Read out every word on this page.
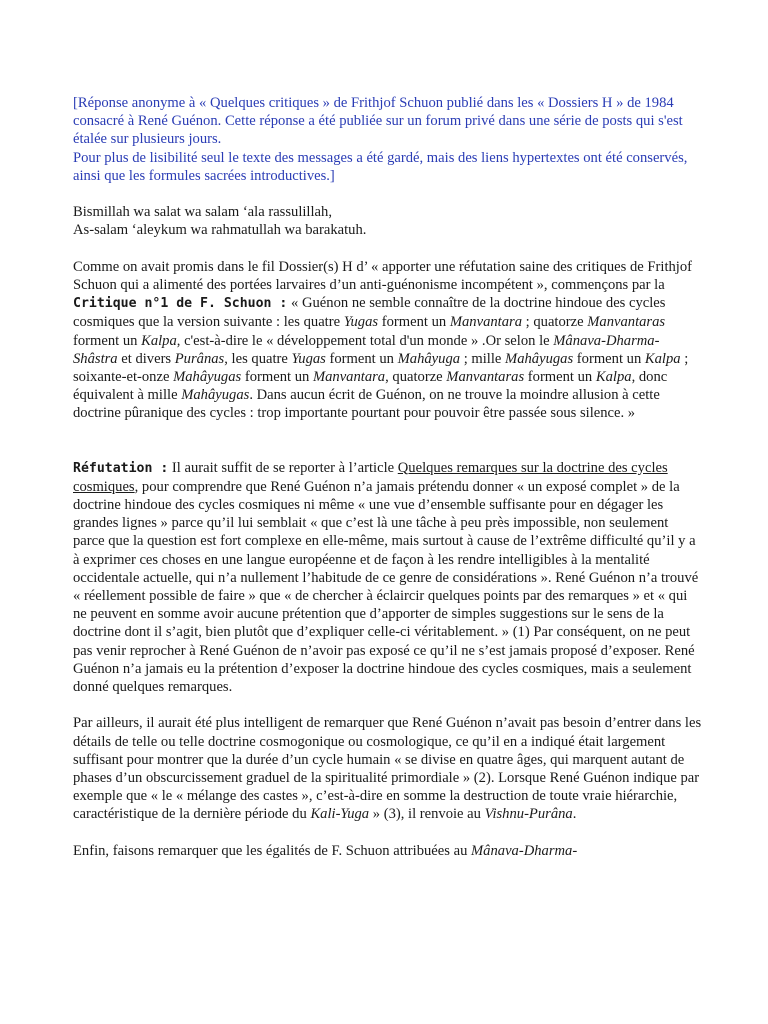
[Réponse anonyme à « Quelques critiques » de Frithjof Schuon publié dans les « Dossiers H » de 1984 consacré à René Guénon. Cette réponse a été publiée sur un forum privé dans une série de posts qui s'est étalée sur plusieurs jours.
Pour plus de lisibilité seul le texte des messages a été gardé, mais des liens hypertextes ont été conservés, ainsi que les formules sacrées introductives.]

Bismillah wa salat wa salam ‘ala rassulillah,
As-salam ‘aleykum wa rahmatullah wa barakatuh.

Comme on avait promis dans le fil Dossier(s) H d’ « apporter une réfutation saine des critiques de Frithjof Schuon qui a alimenté des portées larvaires d’un anti-guénonisme incompétent », commençons par la Critique n°1 de F. Schuon : « Guénon ne semble connaître de la doctrine hindoue des cycles cosmiques que la version suivante : les quatre Yugas forment un Manvantara ; quatorze Manvantaras forment un Kalpa, c'est-à-dire le « développement total d'un monde » .Or selon le Mânava-Dharma-Shâstra et divers Purânas, les quatre Yugas forment un Mahâyuga ; mille Mahâyugas forment un Kalpa ; soixante-et-onze Mahâyugas forment un Manvantara, quatorze Manvantaras forment un Kalpa, donc équivalent à mille Mahâyugas. Dans aucun écrit de Guénon, on ne trouve la moindre allusion à cette doctrine pûranique des cycles : trop importante pourtant pour pouvoir être passée sous silence. »

Réfutation : Il aurait suffit de se reporter à l’article Quelques remarques sur la doctrine des cycles cosmiques, pour comprendre que René Guénon n’a jamais prétendu donner « un exposé complet » de la doctrine hindoue des cycles cosmiques ni même « une vue d’ensemble suffisante pour en dégager les grandes lignes » parce qu’il lui semblait « que c’est là une tâche à peu près impossible, non seulement parce que la question est fort complexe en elle-même, mais surtout à cause de l’extrême difficulté qu’il y a à exprimer ces choses en une langue européenne et de façon à les rendre intelligibles à la mentalité occidentale actuelle, qui n’a nullement l’habitude de ce genre de considérations ». René Guénon n’a trouvé « réellement possible de faire » que « de chercher à éclaircir quelques points par des remarques » et « qui ne peuvent en somme avoir aucune prétention que d’apporter de simples suggestions sur le sens de la doctrine dont il s’agit, bien plutôt que d’expliquer celle-ci véritablement. » (1) Par conséquent, on ne peut pas venir reprocher à René Guénon de n’avoir pas exposé ce qu’il ne s’est jamais proposé d’exposer. René Guénon n’a jamais eu la prétention d’exposer la doctrine hindoue des cycles cosmiques, mais a seulement donné quelques remarques.

Par ailleurs, il aurait été plus intelligent de remarquer que René Guénon n’avait pas besoin d’entrer dans les détails de telle ou telle doctrine cosmogonique ou cosmologique, ce qu’il en a indiqué était largement suffisant pour montrer que la durée d’un cycle humain « se divise en quatre âges, qui marquent autant de phases d’un obscurcissement graduel de la spiritualité primordiale » (2). Lorsque René Guénon indique par exemple que « le « mélange des castes », c’est-à-dire en somme la destruction de toute vraie hiérarchie, caractéristique de la dernière période du Kali-Yuga » (3), il renvoie au Vishnu-Purâna.

Enfin, faisons remarquer que les égalités de F. Schuon attribuées au Mânava-Dharma-
